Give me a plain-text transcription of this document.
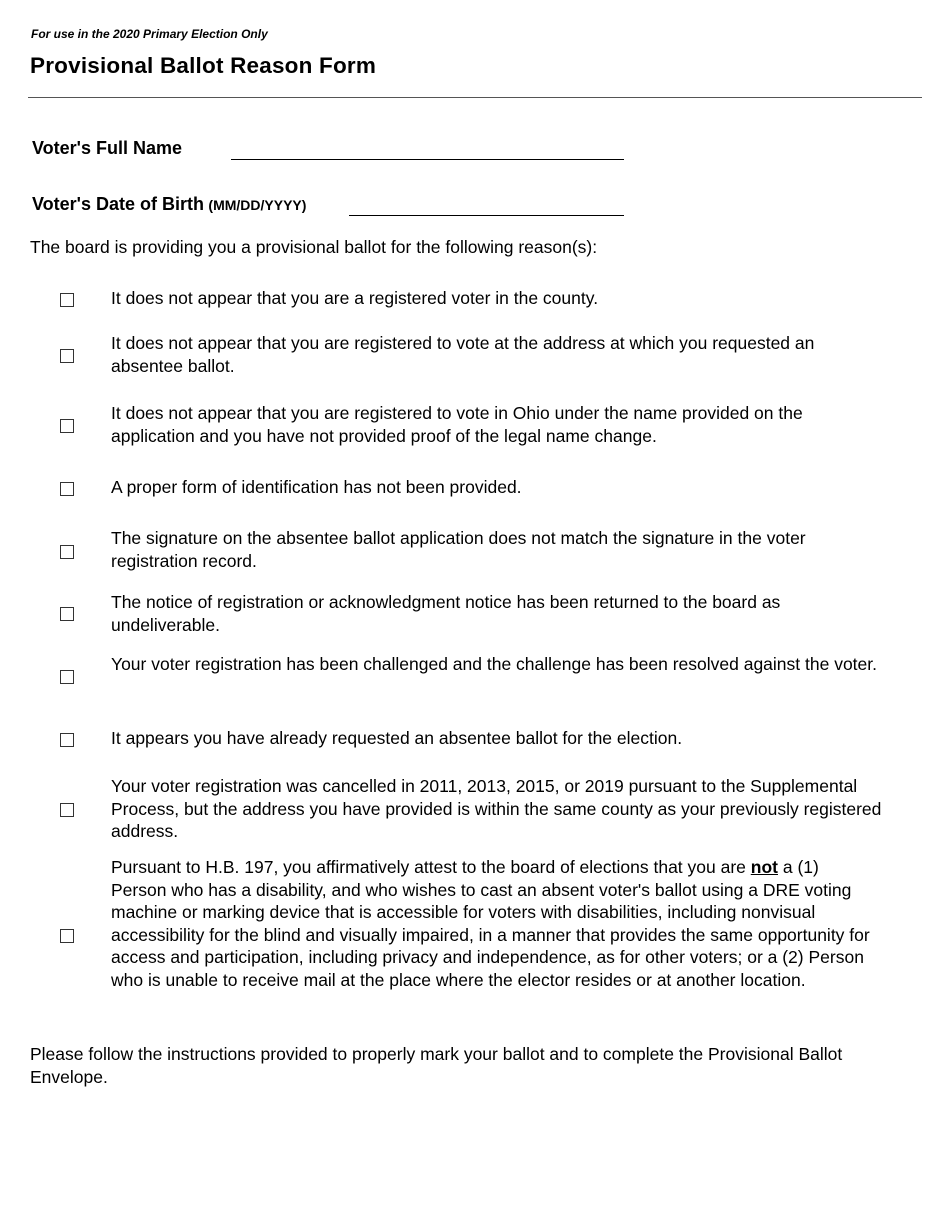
For use in the 2020 Primary Election Only
Provisional Ballot Reason Form
Voter's Full Name
Voter's Date of Birth (MM/DD/YYYY)
The board is providing you a provisional ballot for the following reason(s):
It does not appear that you are a registered voter in the county.
It does not appear that you are registered to vote at the address at which you requested an absentee ballot.
It does not appear that you are registered to vote in Ohio under the name provided on the application and you have not provided proof of the legal name change.
A proper form of identification has not been provided.
The signature on the absentee ballot application does not match the signature in the voter registration record.
The notice of registration or acknowledgment notice has been returned to the board as undeliverable.
Your voter registration has been challenged and the challenge has been resolved against the voter.
It appears you have already requested an absentee ballot for the election.
Your voter registration was cancelled in 2011, 2013, 2015, or 2019 pursuant to the Supplemental Process, but the address you have provided is within the same county as your previously registered address.
Pursuant to H.B. 197, you affirmatively attest to the board of elections that you are not a (1) Person who has a disability, and who wishes to cast an absent voter's ballot using a DRE voting machine or marking device that is accessible for voters with disabilities, including nonvisual accessibility for the blind and visually impaired, in a manner that provides the same opportunity for access and participation, including privacy and independence, as for other voters; or a (2) Person who is unable to receive mail at the place where the elector resides or at another location.
Please follow the instructions provided to properly mark your ballot and to complete the Provisional Ballot Envelope.
